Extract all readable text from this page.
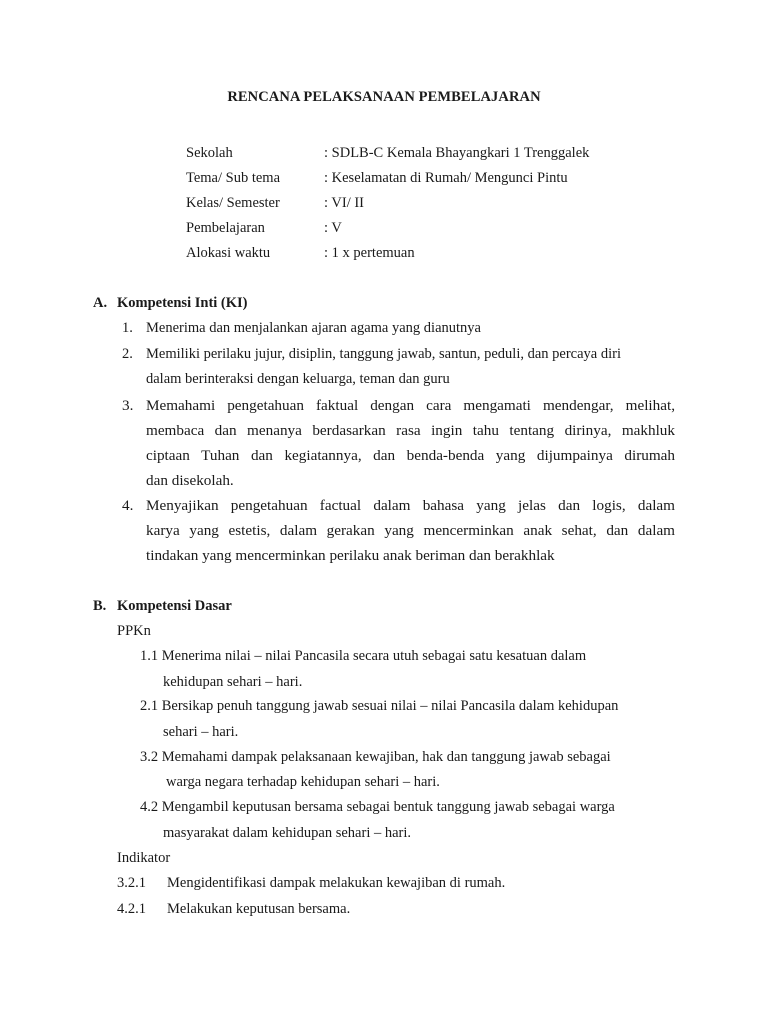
RENCANA PELAKSANAAN PEMBELAJARAN
Sekolah	: SDLB-C Kemala Bhayangkari 1 Trenggalek
Tema/ Sub tema	: Keselamatan di Rumah/ Mengunci Pintu
Kelas/ Semester	: VI/ II
Pembelajaran	: V
Alokasi waktu	: 1 x pertemuan
A. Kompetensi Inti (KI)
1. Menerima dan menjalankan ajaran agama yang dianutnya
2. Memiliki perilaku jujur, disiplin, tanggung jawab, santun, peduli, dan percaya diri
dalam berinteraksi dengan keluarga, teman dan guru
3. Memahami pengetahuan faktual dengan cara mengamati mendengar, melihat,
membaca dan menanya berdasarkan rasa ingin tahu tentang dirinya, makhluk
ciptaan Tuhan dan kegiatannya, dan benda-benda yang dijumpainya dirumah
dan disekolah.
4. Menyajikan pengetahuan factual dalam bahasa yang jelas dan logis, dalam
karya yang estetis, dalam gerakan yang mencerminkan anak sehat, dan dalam
tindakan yang mencerminkan perilaku anak beriman dan berakhlak
B. Kompetensi Dasar
PPKn
1.1 Menerima nilai – nilai Pancasila secara utuh sebagai satu kesatuan dalam
kehidupan sehari – hari.
2.1 Bersikap penuh tanggung jawab sesuai nilai – nilai Pancasila dalam kehidupan
sehari – hari.
3.2 Memahami dampak pelaksanaan kewajiban, hak dan tanggung jawab sebagai
warga negara terhadap kehidupan sehari – hari.
4.2 Mengambil keputusan bersama sebagai bentuk tanggung jawab sebagai warga
masyarakat dalam kehidupan sehari – hari.
Indikator
3.2.1 Mengidentifikasi dampak melakukan kewajiban di rumah.
4.2.1 Melakukan keputusan bersama.
